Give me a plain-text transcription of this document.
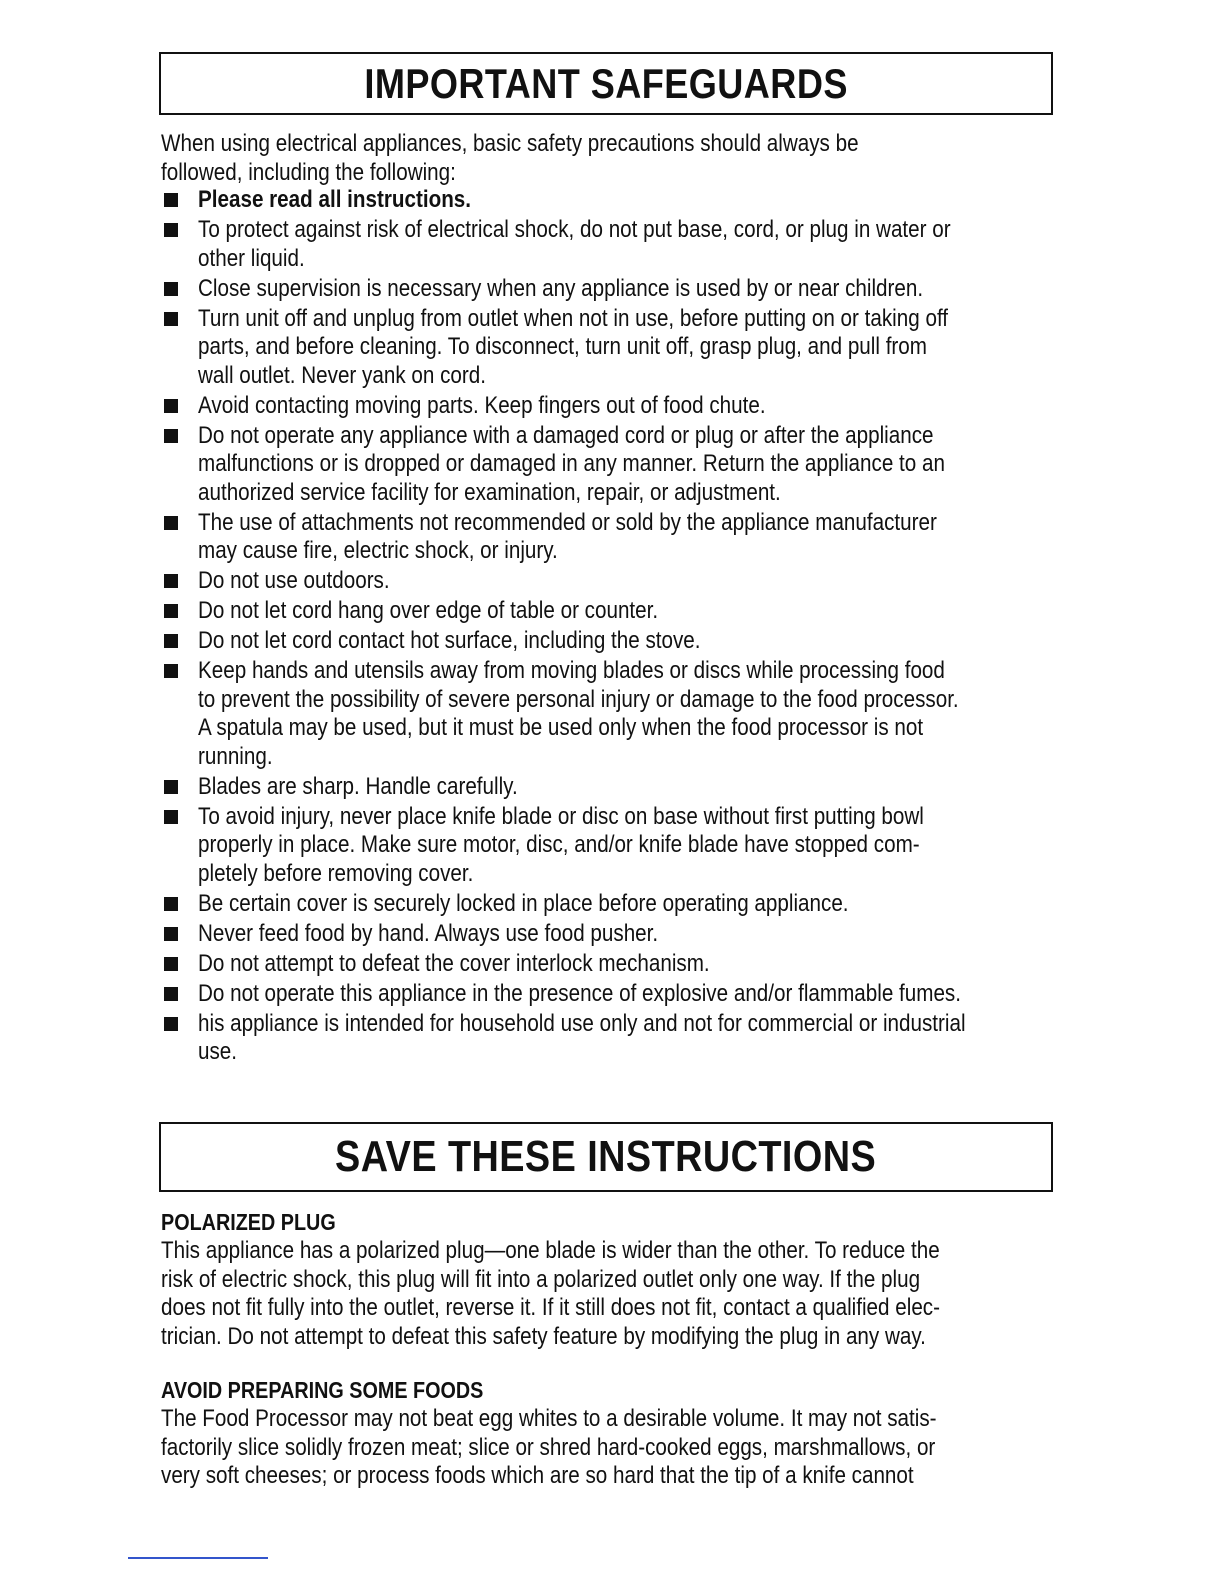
IMPORTANT SAFEGUARDS
When using electrical appliances, basic safety precautions should always be
followed, including the following:
Please read all instructions.
To protect against risk of electrical shock, do not put base, cord, or plug in water or
other liquid.
Close supervision is necessary when any appliance is used by or near children.
Turn unit off and unplug from outlet when not in use, before putting on or taking off
parts, and before cleaning. To disconnect, turn unit off, grasp plug, and pull from
wall outlet. Never yank on cord.
Avoid contacting moving parts. Keep fingers out of food chute.
Do not operate any appliance with a damaged cord or plug or after the appliance
malfunctions or is dropped or damaged in any manner. Return the appliance to an
authorized service facility for examination, repair, or adjustment.
The use of attachments not recommended or sold by the appliance manufacturer
may cause fire, electric shock, or injury.
Do not use outdoors.
Do not let cord hang over edge of table or counter.
Do not let cord contact hot surface, including the stove.
Keep hands and utensils away from moving blades or discs while processing food
to prevent the possibility of severe personal injury or damage to the food processor.
A spatula may be used, but it must be used only when the food processor is not
running.
Blades are sharp. Handle carefully.
To avoid injury, never place knife blade or disc on base without first putting bowl
properly in place. Make sure motor, disc, and/or knife blade have stopped com-
pletely before removing cover.
Be certain cover is securely locked in place before operating appliance.
Never feed food by hand. Always use food pusher.
Do not attempt to defeat the cover interlock mechanism.
Do not operate this appliance in the presence of explosive and/or flammable fumes.
his appliance is intended for household use only and not for commercial or industrial
use.
SAVE THESE INSTRUCTIONS
POLARIZED PLUG
This appliance has a polarized plug—one blade is wider than the other. To reduce the
risk of electric shock, this plug will fit into a polarized outlet only one way. If the plug
does not fit fully into the outlet, reverse it. If it still does not fit, contact a qualified elec-
trician. Do not attempt to defeat this safety feature by modifying the plug in any way.
AVOID PREPARING SOME FOODS
The Food Processor may not beat egg whites to a desirable volume. It may not satis-
factorily slice solidly frozen meat; slice or shred hard-cooked eggs, marshmallows, or
very soft cheeses; or process foods which are so hard that the tip of a knife cannot
